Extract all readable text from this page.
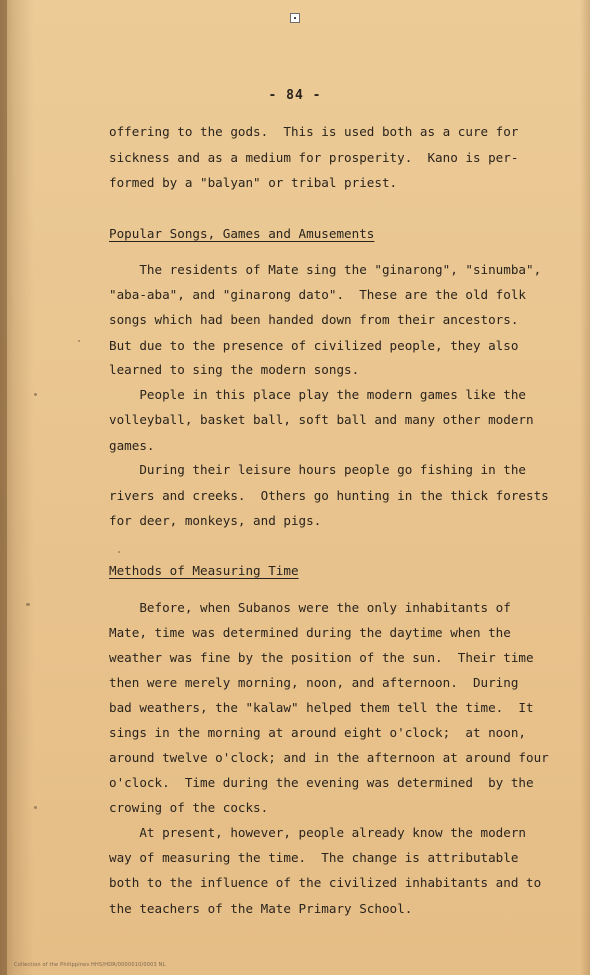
- 84 -
offering to the gods.  This is used both as a cure for
sickness and as a medium for prosperity.  Kano is per-
formed by a "balyan" or tribal priest.
Popular Songs, Games and Amusements
The residents of Mate sing the "ginarong", "sinumba",
"aba-aba", and "ginarong dato".  These are the old folk
songs which had been handed down from their ancestors.
But due to the presence of civilized people, they also
learned to sing the modern songs.
People in this place play the modern games like the
volleyball, basket ball, soft ball and many other modern
games.
During their leisure hours people go fishing in the
rivers and creeks.  Others go hunting in the thick forests
for deer, monkeys, and pigs.
Methods of Measuring Time
Before, when Subanos were the only inhabitants of
Mate, time was determined during the daytime when the
weather was fine by the position of the sun.  Their time
then were merely morning, noon, and afternoon.  During
bad weathers, the "kalaw" helped them tell the time.  It
sings in the morning at around eight o'clock;  at noon,
around twelve o'clock; and in the afternoon at around four
o'clock.  Time during the evening was determined  by the
crowing of the cocks.
At present, however, people already know the modern
way of measuring the time.  The change is attributable
both to the influence of the civilized inhabitants and to
the teachers of the Mate Primary School.
Collection of the Philippines HHS/HDR/0000010/0003 NL
